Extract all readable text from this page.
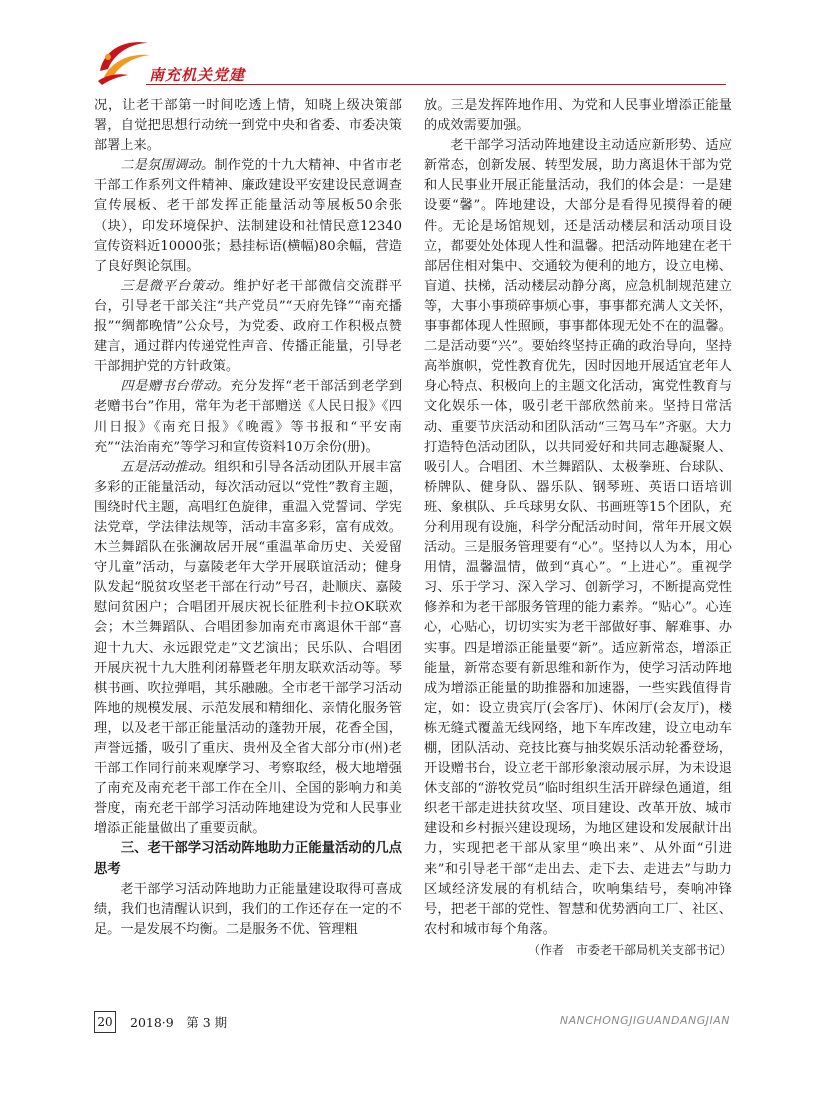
南充机关党建

况，让老干部第一时间吃透上情，知晓上级决策部署，自觉把思想行动统一到党中央和省委、市委决策部署上来。

二是氛围调动。制作党的十九大精神、中省市老干部工作系列文件精神、廉政建设平安建设民意调查宣传展板、老干部发挥正能量活动等展板50余张（块），印发环境保护、法制建设和社情民意12340宣传资料近10000张；悬挂标语(横幅)80余幅，营造了良好舆论氛围。

三是微平台策动。维护好老干部微信交流群平台，引导老干部关注“共产党员”“天府先锋”“南充播报”“绸都晚情”公众号，为党委、政府工作积极点赞建言，通过群内传递党性声音、传播正能量，引导老干部拥护党的方针政策。

四是赠书台带动。充分发挥“老干部活到老学到老赠书台”作用，常年为老干部赠送《人民日报》《四川日报》《南充日报》《晚霞》等书报和“平安南充”“法治南充”等学习和宣传资料10万余份(册)。

五是活动推动。组织和引导各活动团队开展丰富多彩的正能量活动，每次活动冠以“党性”教育主题，围绕时代主题，高唱红色旋律，重温入党誓词、学宪法党章，学法律法规等，活动丰富多彩，富有成效。木兰舞蹈队在张澜故居开展“重温革命历史、关爱留守儿童”活动，与嘉陵老年大学开展联谊活动；健身队发起“脱贫攻坚老干部在行动”号召，赴顺庆、嘉陵慰问贫困户；合唱团开展庆祝长征胜利卡拉OK联欢会；木兰舞蹈队、合唱团参加南充市离退休干部“喜迎十九大、永远跟党走”文艺演出；民乐队、合唱团开展庆祝十九大胜利闭幕暨老年朋友联欢活动等。琴棋书画、吹拉弹唱，其乐融融。全市老干部学习活动阵地的规模发展、示范发展和精细化、亲情化服务管理，以及老干部正能量活动的蓬勃开展，花香全国，声誉远播，吸引了重庆、贵州及全省大部分市(州)老干部工作同行前来观摩学习、考察取经，极大地增强了南充及南充老干部工作在全川、全国的影响力和美誉度，南充老干部学习活动阵地建设为党和人民事业增添正能量做出了重要贡献。

三、老干部学习活动阵地助力正能量活动的几点思考

老干部学习活动阵地助力正能量建设取得可喜成绩，我们也清醒认识到，我们的工作还存在一定的不足。一是发展不均衡。二是服务不优、管理粗

放。三是发挥阵地作用、为党和人民事业增添正能量的成效需要加强。

老干部学习活动阵地建设主动适应新形势、适应新常态，创新发展、转型发展，助力离退休干部为党和人民事业开展正能量活动，我们的体会是：一是建设要“馨”。阵地建设，大部分是看得见摸得着的硬件。无论是场馆规划，还是活动楼层和活动项目设立，都要处处体现人性和温馨。把活动阵地建在老干部居住相对集中、交通较为便利的地方，设立电梯、盲道、扶梯，活动楼层动静分离，应急机制规范建立等，大事小事琐碎事烦心事，事事都充满人文关怀，事事都体现人性照顾，事事都体现无处不在的温馨。二是活动要“兴”。要始终坚持正确的政治导向，坚持高举旗帜，党性教育优先，因时因地开展适宜老年人身心特点、积极向上的主题文化活动，寓党性教育与文化娱乐一体，吸引老干部欣然前来。坚持日常活动、重要节庆活动和团队活动“三驾马车”齐驱。大力打造特色活动团队，以共同爱好和共同志趣凝聚人、吸引人。合唱团、木兰舞蹈队、太极拳班、台球队、桥牌队、健身队、器乐队、钢琴班、英语口语培训班、象棋队、乒乓球男女队、书画班等15个团队，充分利用现有设施，科学分配活动时间，常年开展文娱活动。三是服务管理要有“心”。坚持以人为本，用心用情，温馨温情，做到“真心”。“上进心”。重视学习、乐于学习、深入学习、创新学习，不断提高党性修养和为老干部服务管理的能力素养。“贴心”。心连心，心贴心，切切实实为老干部做好事、解难事、办实事。四是增添正能量要“新”。适应新常态，增添正能量，新常态要有新思维和新作为，使学习活动阵地成为增添正能量的助推器和加速器，一些实践值得肯定，如：设立贵宾厅(会客厅)、休闲厅(会友厅)，楼栋无缝式覆盖无线网络，地下车库改建，设立电动车棚，团队活动、竞技比赛与抽奖娱乐活动轮番登场，开设赠书台，设立老干部形象滚动展示屏，为未设退休支部的“游牧党员”临时组织生活开辟绿色通道，组织老干部走进扶贫攻坚、项目建设、改革开放、城市建设和乡村振兴建设现场，为地区建设和发展献计出力，实现把老干部从家里“唤出来”、从外面“引进来”和引导老干部“走出去、走下去、走进去”与助力区域经济发展的有机结合，吹响集结号，奏响冲锋号，把老干部的党性、智慧和优势洒向工厂、社区、农村和城市每个角落。

（作者　市委老干部局机关支部书记）

20 2018·9　第 3 期	NANCHONGJIGUANDANGJIAN
